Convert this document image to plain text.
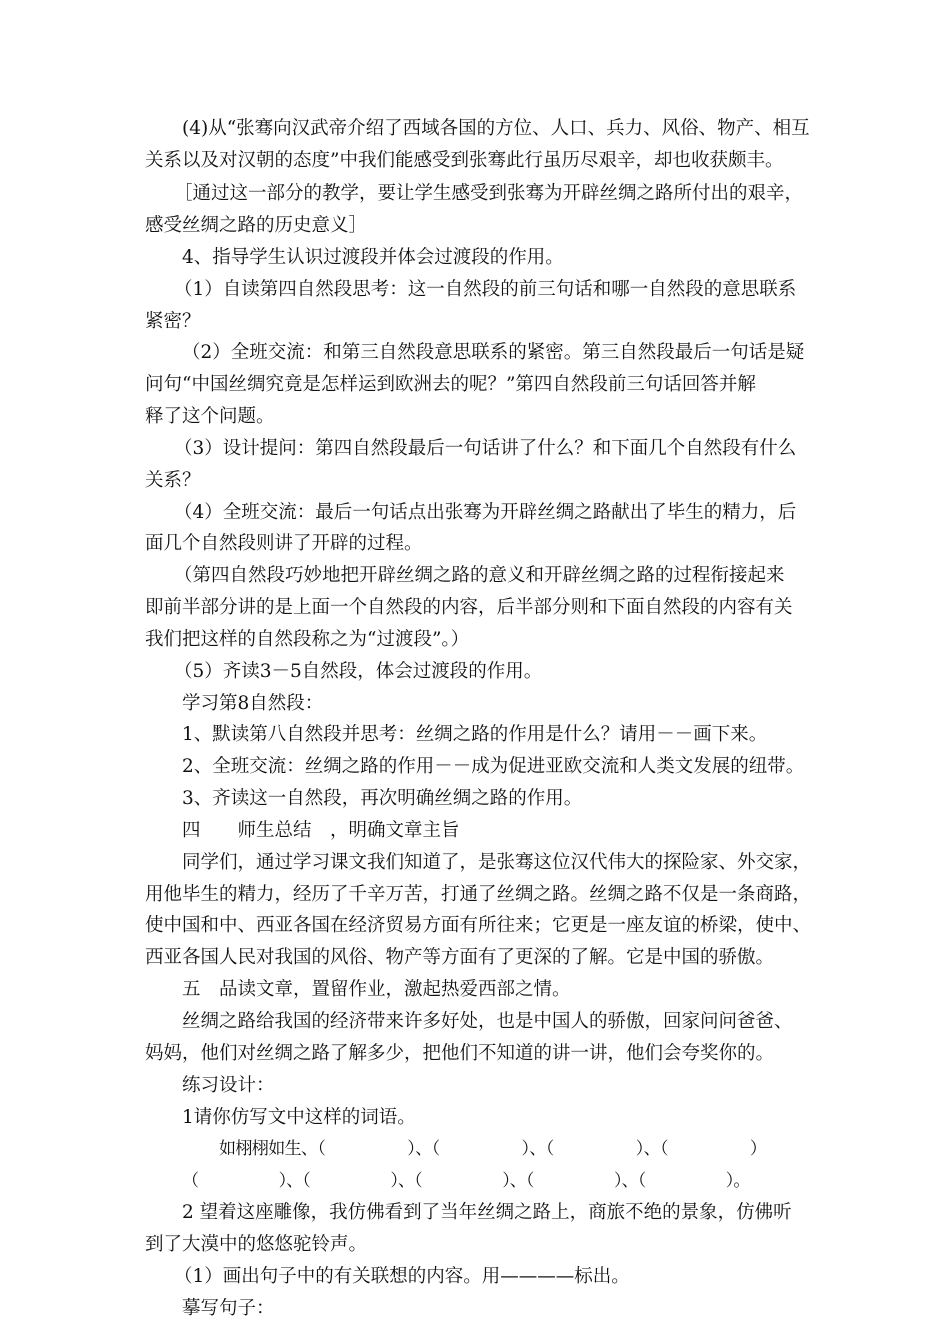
(4)从“张骞向汉武帝介绍了西域各国的方位、人口、兵力、风俗、物产、相互
关系以及对汉朝的态度”中我们能感受到张骞此行虽历尽艰辛，却也收获颇丰。
［通过这一部分的教学，要让学生感受到张骞为开辟丝绸之路所付出的艰辛，
感受丝绸之路的历史意义］
4、指导学生认识过渡段并体会过渡段的作用。
（1）自读第四自然段思考：这一自然段的前三句话和哪一自然段的意思联系
紧密？
（2）全班交流：和第三自然段意思联系的紧密。第三自然段最后一句话是疑
问句“中国丝绸究竟是怎样运到欧洲去的呢？”第四自然段前三句话回答并解
释了这个问题。
（3）设计提问：第四自然段最后一句话讲了什么？和下面几个自然段有什么
关系？
（4）全班交流：最后一句话点出张骞为开辟丝绸之路献出了毕生的精力，后
面几个自然段则讲了开辟的过程。
（第四自然段巧妙地把开辟丝绸之路的意义和开辟丝绸之路的过程衔接起来
即前半部分讲的是上面一个自然段的内容，后半部分则和下面自然段的内容有关
我们把这样的自然段称之为“过渡段”。）
（5）齐读3－5自然段，体会过渡段的作用。
学习第8自然段：
1、默读第八自然段并思考：丝绸之路的作用是什么？请用－－画下来。
2、全班交流：丝绸之路的作用－－成为促进亚欧交流和人类文发展的纽带。
3、齐读这一自然段，再次明确丝绸之路的作用。
四　　师生总结　，明确文章主旨
同学们，通过学习课文我们知道了，是张骞这位汉代伟大的探险家、外交家，
用他毕生的精力，经历了千辛万苦，打通了丝绸之路。丝绸之路不仅是一条商路，
使中国和中、西亚各国在经济贸易方面有所往来；它更是一座友谊的桥梁，使中、
西亚各国人民对我国的风俗、物产等方面有了更深的了解。它是中国的骄傲。
五　品读文章，置留作业，激起热爱西部之情。
丝绸之路给我国的经济带来许多好处，也是中国人的骄傲，回家问问爸爸、
妈妈，他们对丝绸之路了解多少，把他们不知道的讲一讲，他们会夸奖你的。
练习设计：
1请你仿写文中这样的词语。
如栩栩如生、（　　　　　）、（　　　　　）、（　　　　　）、（　　　　　）
（　　　　　）、（　　　　　）、（　　　　　）、（　　　　　）、（　　　　　）。
2 望着这座雕像，我仿佛看到了当年丝绸之路上，商旅不绝的景象，仿佛听
到了大漠中的悠悠驼铃声。
（1）画出句子中的有关联想的内容。用————标出。
摹写句子：
